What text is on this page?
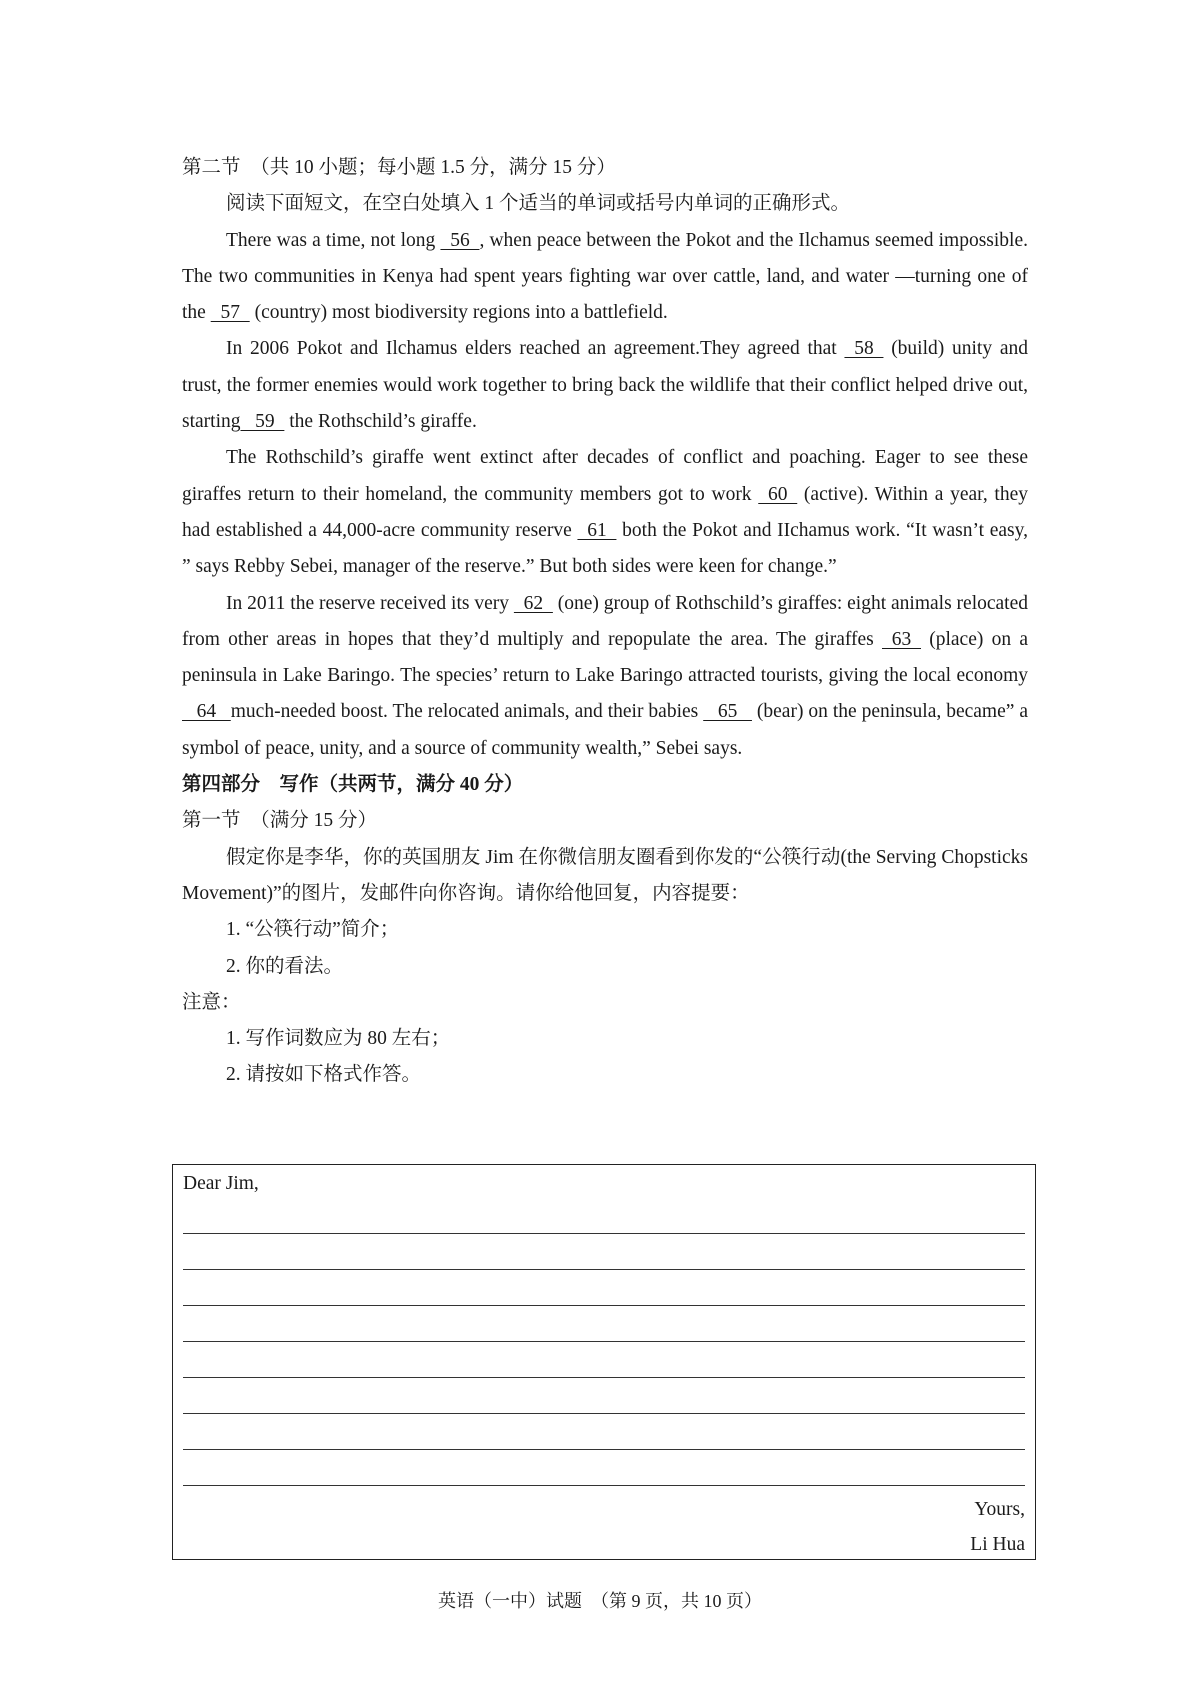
第二节　（共 10 小题；每小题 1.5 分，满分 15 分）

阅读下面短文，在空白处填入 1 个适当的单词或括号内单词的正确形式。

There was a time, not long   56  , when peace between the Pokot and the Ilchamus seemed impossible. The two communities in Kenya had spent years fighting war over cattle, land, and water —turning one of the   57   (country) most biodiversity regions into a battlefield.

In 2006 Pokot and Ilchamus elders reached an agreement.They agreed that   58   (build) unity and trust, the former enemies would work together to bring back the wildlife that their conflict helped drive out, starting   59   the Rothschild’s giraffe.

The Rothschild’s giraffe went extinct after decades of conflict and poaching. Eager to see these giraffes return to their homeland, the community members got to work   60   (active). Within a year, they had established a 44,000-acre community reserve   61   both the Pokot and IIchamus work. “It wasn’t easy, ” says Rebby Sebei, manager of the reserve.” But both sides were keen for change.”

In 2011 the reserve received its very   62   (one) group of Rothschild’s giraffes: eight animals relocated from other areas in hopes that they’d multiply and repopulate the area. The giraffes   63   (place) on a peninsula in Lake Baringo. The species’ return to Lake Baringo attracted tourists, giving the local economy   64   much-needed boost. The relocated animals, and their babies    65    (bear) on the peninsula, became” a symbol of peace, unity, and a source of community wealth,” Sebei says.

第四部分　写作（共两节，满分 40 分）

第一节　（满分 15 分）

假定你是李华，你的英国朋友 Jim 在你微信朋友圈看到你发的“公筷行动(the Serving Chopsticks Movement)”的图片，发邮件向你咨询。请你给他回复，内容提要：

1. “公筷行动”简介；

2. 你的看法。

注意：

1. 写作词数应为 80 左右；

2. 请按如下格式作答。

Dear Jim,
Yours,
Li Hua
英语（一中）试题　（第 9 页，共 10 页）
